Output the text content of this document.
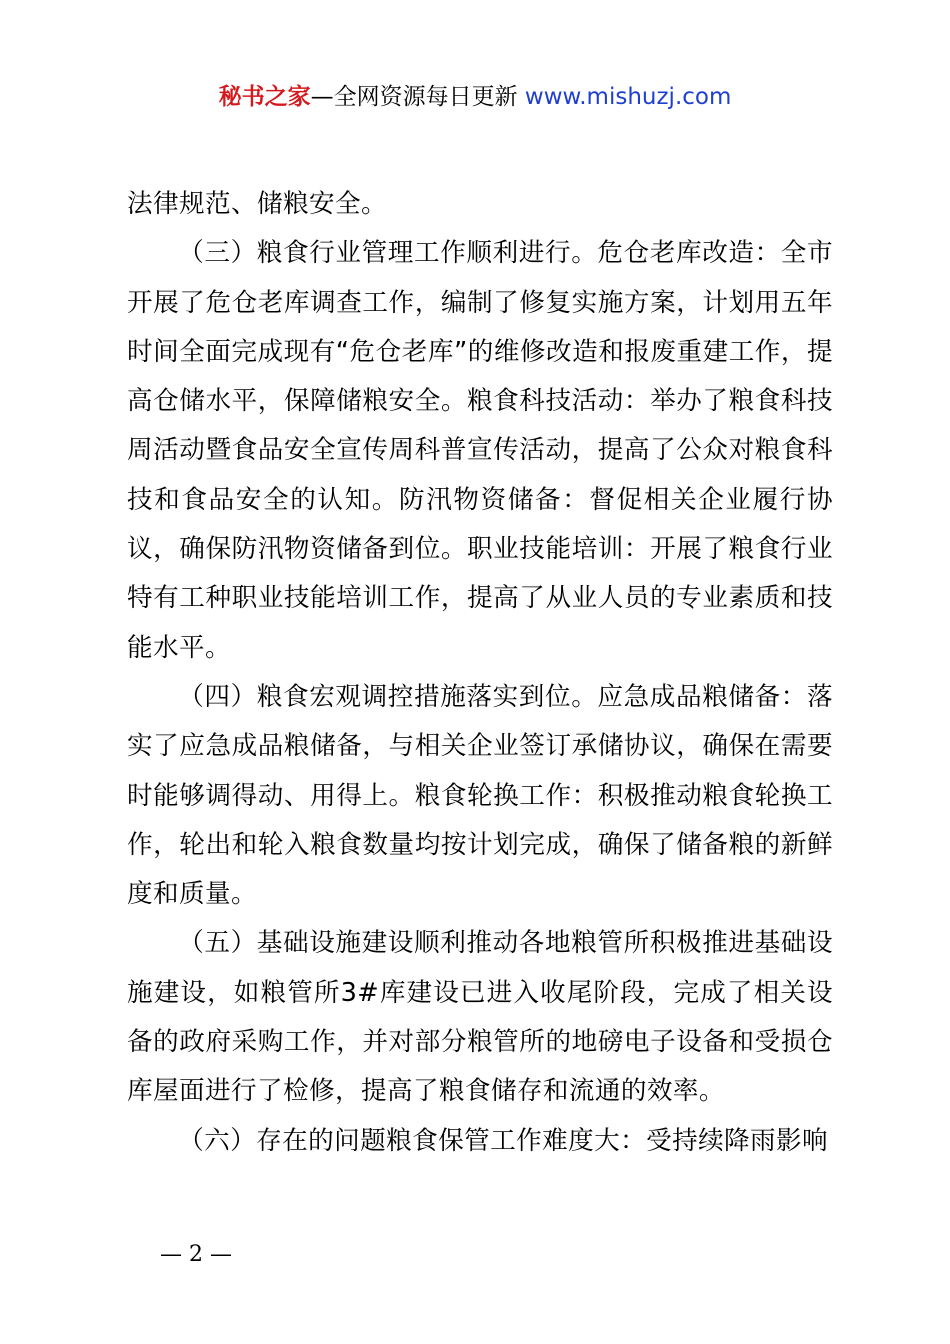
秘书之家—全网资源每日更新 www.mishuzj.com

法律规范、储粮安全。

（三）粮食行业管理工作顺利进行。危仓老库改造：全市开展了危仓老库调查工作，编制了修复实施方案，计划用五年时间全面完成现有“危仓老库”的维修改造和报废重建工作，提高仓储水平，保障储粮安全。粮食科技活动：举办了粮食科技周活动暨食品安全宣传周科普宣传活动，提高了公众对粮食科技和食品安全的认知。防汛物资储备：督促相关企业履行协议，确保防汛物资储备到位。职业技能培训：开展了粮食行业特有工种职业技能培训工作，提高了从业人员的专业素质和技能水平。

（四）粮食宏观调控措施落实到位。应急成品粮储备：落实了应急成品粮储备，与相关企业签订承储协议，确保在需要时能够调得动、用得上。粮食轮换工作：积极推动粮食轮换工作，轮出和轮入粮食数量均按计划完成，确保了储备粮的新鲜度和质量。

（五）基础设施建设顺利推动各地粮管所积极推进基础设施建设，如粮管所3#库建设已进入收尾阶段，完成了相关设备的政府采购工作，并对部分粮管所的地磅电子设备和受损仓库屋面进行了检修，提高了粮食储存和流通的效率。

（六）存在的问题粮食保管工作难度大：受持续降雨影响

— 2 —
